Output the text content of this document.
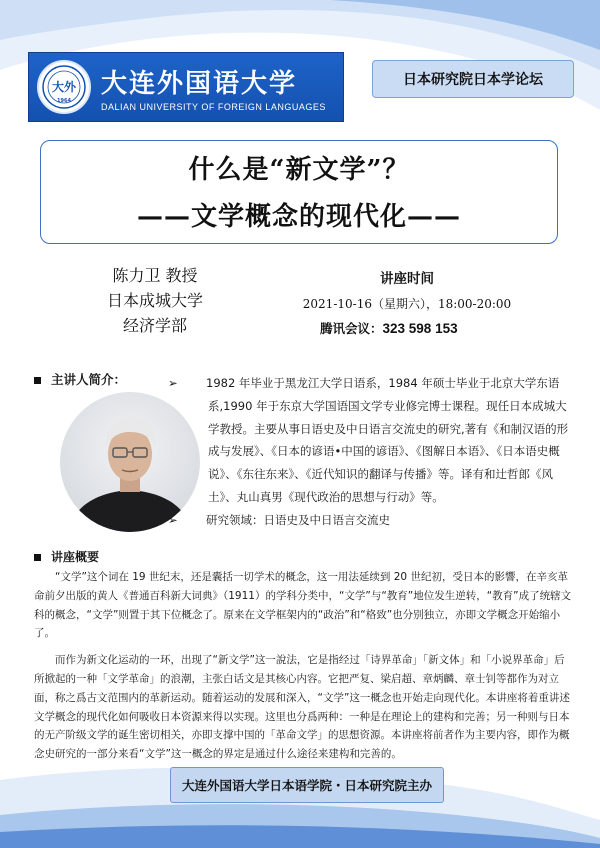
大外
1964
大连外国语大学
DALIAN UNIVERSITY OF FOREIGN LANGUAGES
日本研究院日本学论坛
什么是“新文学”？
——文学概念的现代化——
陈力卫 教授
日本成城大学
经济学部
讲座时间
2021-10-16（星期六），18:00-20:00
腾讯会议：323 598 153
主讲人简介：	➢ 1982 年毕业于黑龙江大学日语系，1984 年硕士毕业于北京大学东语系,1990 年于东京大学国语国文学专业修完博士课程。现任日本成城大学教授。主要从事日语史及中日语言交流史的研究,著有《和制汉语的形成与发展》、《日本的谚语•中国的谚语》、《图解日本语》、《日本语史概说》、《东往东来》、《近代知识的翻译与传播》等。译有和辻哲郎《风土》、丸山真男《现代政治的思想与行动》等。

➢ 研究领域：日语史及中日语言交流史

讲座概要

“文学”这个词在 19 世纪末，还是囊括一切学术的概念，这一用法延续到 20 世纪初，受日本的影響，在辛亥革命前夕出版的黄人《普通百科新大词典》（1911）的学科分类中，“文学”与“教育”地位发生逆转，“教育”成了统辖文科的概念，“文学”则置于其下位概念了。原来在文学框架内的“政治”和“格致”也分别独立，亦即文学概念开始缩小了。

而作为新文化运动的一环，出现了“新文学”这一說法，它是指经过「诗界革命」「新文体」和「小说界革命」后所掀起的一种「文学革命」的浪潮，主张白话文是其核心内容。它把严复、梁启超、章炳麟、章士钊等都作为对立面，称之爲古文范围内的革新运动。随着运动的发展和深入，“文学”这一概念也开始走向现代化。本讲座将着重讲述文学概念的现代化如何吸收日本资源来得以实现。这里也分爲两种：一种是在理论上的建构和完善；另一种则与日本的无产阶级文学的诞生密切相关，亦即支撑中国的「革命文学」的思想资源。本讲座将前者作为主要内容，即作为概念史研究的一部分来看“文学”这一概念的界定是通过什么途径来建构和完善的。

大连外国语大学日本语学院・日本研究院主办
